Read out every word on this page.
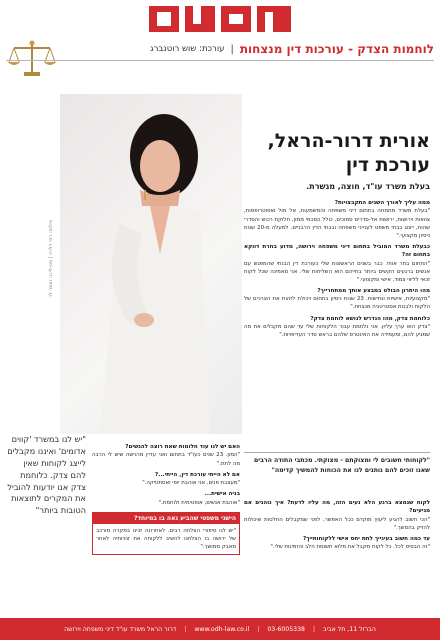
לוחמות הצדק - עורכות דין מנצחות
|
עורכת: שוש רוטנברג
צילום: רפי דלויה | סטיילינג: תומר לוי
אורית דרור-הראל, עורכת דין
בעלת משרד עו"ד, חוצה, מגשרת.
ממה עליך לאורך השנים התקבצויות?

"בעלת משרד מתמחה בתחום דיני משפחה והמשמעות, אל מול ואפוטרופסות, צוואות וירושות, ירושות אל-סדרים סמוכים, כולל הסכמי ממון, חלוקת רכוש והסדרי שהות, ייצוג בבתי משפט לענייני משפחה ובבתי הדין הרבניים. למעלה מ-20 שנות ניסיון מקצועי."

כבעלת משרד המוביל בתחום דיני משפחה וירושה, מדוע בחרת דווקא בתחום זה?

"התחום בחר אותי. כבר בשנים הראשונות שלי כעורכת דין הבנתי שהמפגש עם אנשים ברגעים הקשים ביותר בחייהם הוא השליחות שלי. אני מאמינה שכל לקוח זכאי לליווי צמוד, אישי ומקצועי."

מהו היתרון הבולט במבצע אותך ממתחרייך?

"מקצועיות, אישיות ונחישות. 23 שנות ניסיון בתחום ויכולת לזהות את הצרכים של הלקוח ולבנות אסטרטגיה מנצחת."

כלוחמת צדק, מהו הנדרש לנושא לוחמת צדק?

"צדק הוא ערך עליון. אני נלחמת עבור הלקוחות שלי עד שהם מקבלים את מה שמגיע להם, ומעמידה את האינטרס שלהם בראש סדר העדיפויות."

"לקוחותי חשובים לי ומצוקתם - מצוקתי. מכתבי התודה הרבים שאנו זוכים להם נותנים לנו את הכוחות להמשיך קדימה"
לקוח שנמצא ברגע הלא נעים הזה, מה עליו לדעת? איך נוהגים אם מגיעים?

"הכי חשוב להגיע ליעוץ מוקדם ככל האפשר, לפני שמקבלים החלטות שיכולות להזיק בהמשך."

עד כמה חשוב בעינייך לתת יחס אישי ללקוחותייך?

"זה הבסיס לכל. כל לקוח מקבל את מלוא תשומת הלב והזמינות שלי."

האם יש לנו עוד חלומות שאת רוצה להגשים?

"המון. 23 שנים כעו"ד בתחום ואני עדיין מרגישה שיש לי הרבה מה לתת."

אם לא הייתי עורכת דין, הייתי...?

"מעצבת פנים, אני אוהבת יופי ואסתטיקה."

בניה אישית...

"אוהבת אנשים, אופטימית ולוחמת."

הישגי משפטי שהביע נאה בו במיוחד?

"יש לנו סיפורי הצלחה רבים. לאחרונה זכינו במקרה מורכב של ירושה בו הצלחנו להשיב ללקוחה את זכויותיה לאחר מאבק ממושך."

"יש לנו במשרד 'קווים אדומים' ואיננו מקבלים לייצג לקוחות שאין להם צדק. כלוחמת צדק אנו יודעות להוביל את המקרים לתוצאות הטובות ביותר"
הברזל 11, תל אביב
|
03-6005338
|
www.odh-law.co.il
|
דרור הראל משרד עו"ד דיני משפחה וירושה
